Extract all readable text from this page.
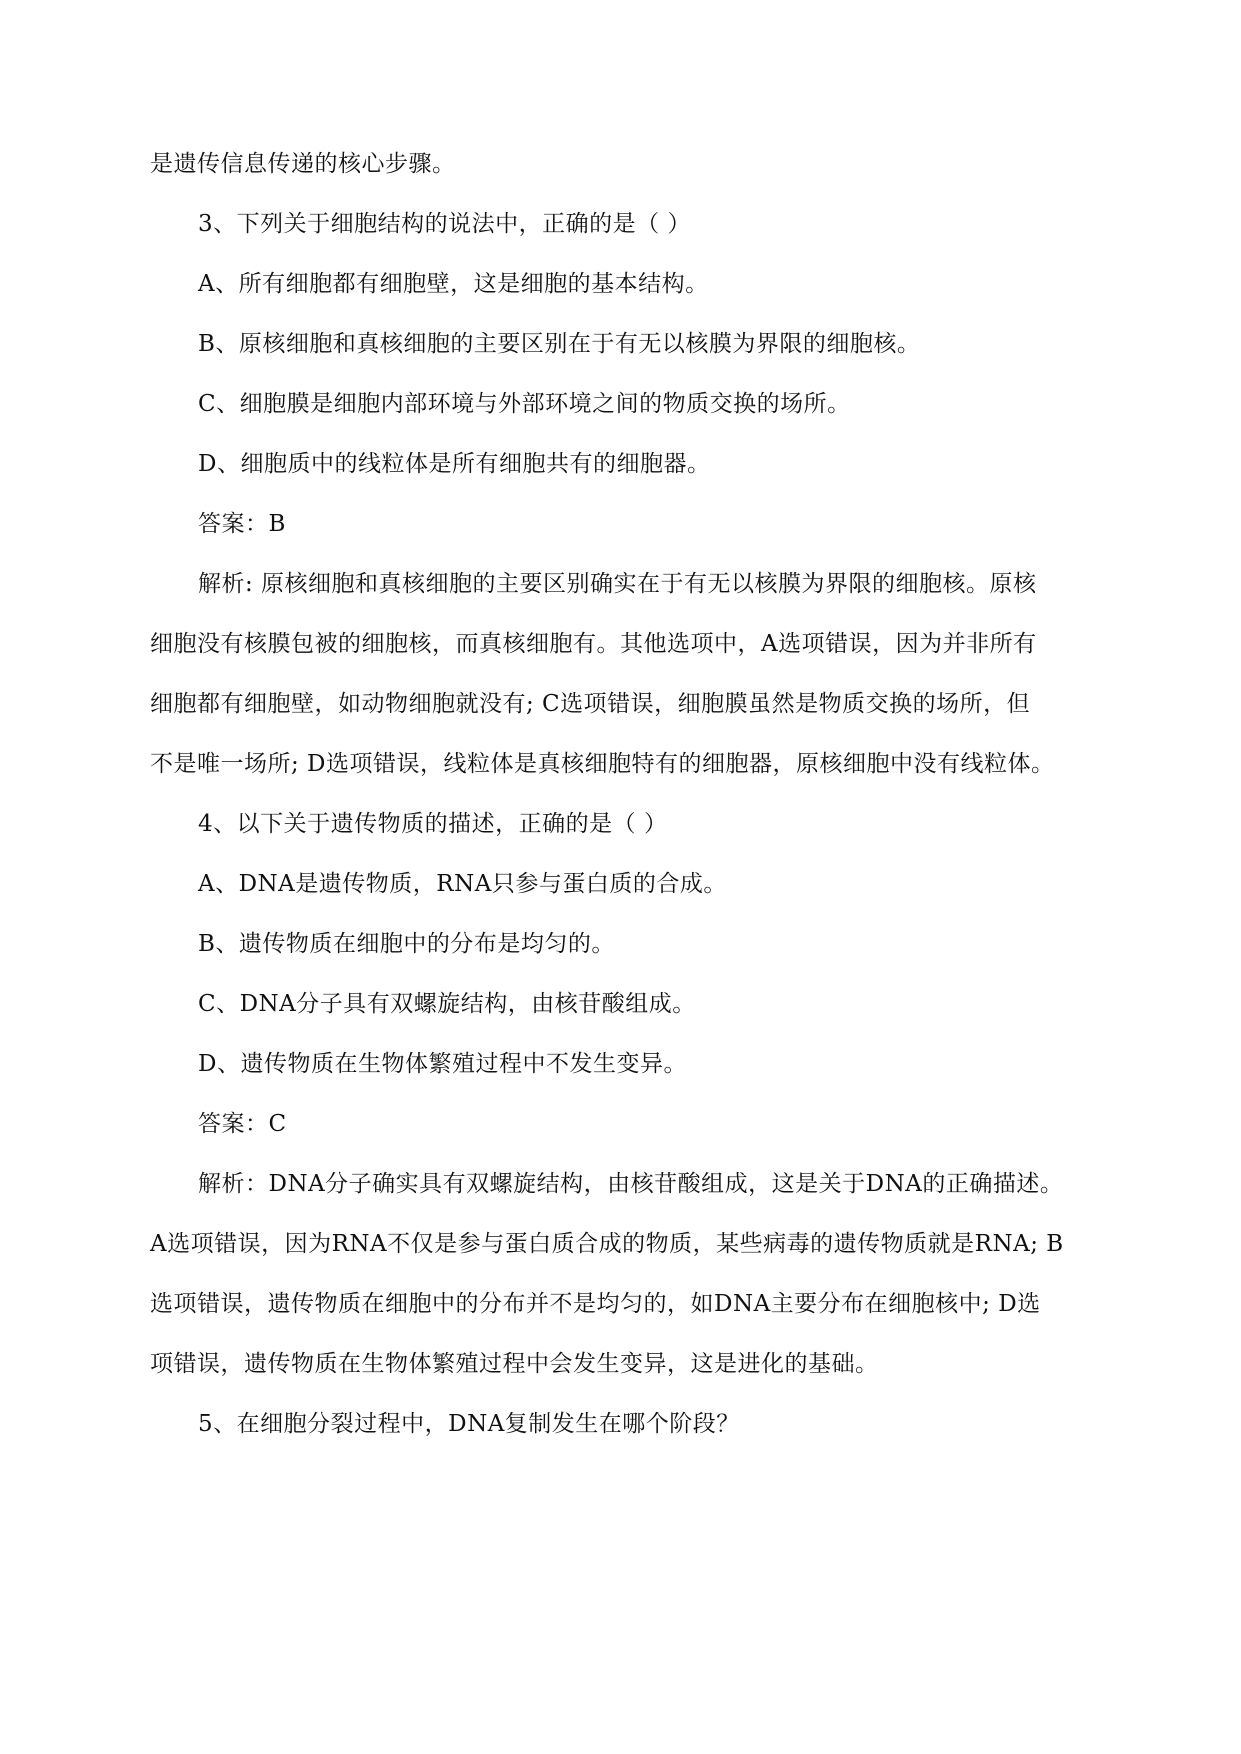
是遗传信息传递的核心步骤。
3、下列关于细胞结构的说法中，正确的是（ ）
A、所有细胞都有细胞壁，这是细胞的基本结构。
B、原核细胞和真核细胞的主要区别在于有无以核膜为界限的细胞核。
C、细胞膜是细胞内部环境与外部环境之间的物质交换的场所。
D、细胞质中的线粒体是所有细胞共有的细胞器。
答案：B
解析: 原核细胞和真核细胞的主要区别确实在于有无以核膜为界限的细胞核。原核
细胞没有核膜包被的细胞核，而真核细胞有。其他选项中，A选项错误，因为并非所有
细胞都有细胞壁，如动物细胞就没有; C选项错误，细胞膜虽然是物质交换的场所，但
不是唯一场所; D选项错误，线粒体是真核细胞特有的细胞器，原核细胞中没有线粒体。
4、以下关于遗传物质的描述，正确的是（ ）
A、DNA是遗传物质，RNA只参与蛋白质的合成。
B、遗传物质在细胞中的分布是均匀的。
C、DNA分子具有双螺旋结构，由核苷酸组成。
D、遗传物质在生物体繁殖过程中不发生变异。
答案：C
解析：DNA分子确实具有双螺旋结构，由核苷酸组成，这是关于DNA的正确描述。
A选项错误，因为RNA不仅是参与蛋白质合成的物质，某些病毒的遗传物质就是RNA; B
选项错误，遗传物质在细胞中的分布并不是均匀的，如DNA主要分布在细胞核中; D选
项错误，遗传物质在生物体繁殖过程中会发生变异，这是进化的基础。
5、在细胞分裂过程中，DNA复制发生在哪个阶段？
